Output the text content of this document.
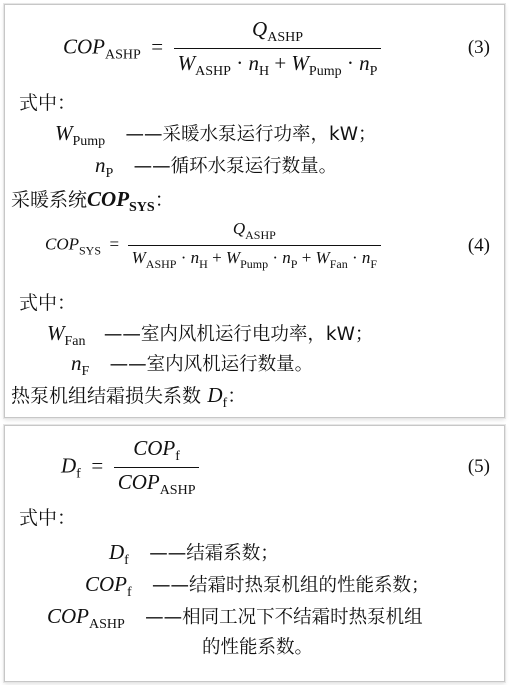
$COP_{ASHP} = \frac{Q_{ASHP}}{W_{ASHP} \cdot n_H + W_{Pump} \cdot n_P}$	(3)
式中：
$W_{Pump}$ ——采暖水泵运行功率，kW；
$n_P$ ——循环水泵运行数量。
采暖系统$COP_{SYS}$：
$COP_{SYS} = \frac{Q_{ASHP}}{W_{ASHP} \cdot n_H + W_{Pump} \cdot n_P + W_{Fan} \cdot n_F}$	(4)
式中：
$W_{Fan}$ ——室内风机运行电功率，kW；
$n_F$ ——室内风机运行数量。
热泵机组结霜损失系数 $D_f$：
$D_f = \frac{COP_f}{COP_{ASHP}}$	(5)
式中：
$D_f$ ——结霜系数；
$COP_f$ ——结霜时热泵机组的性能系数；
$COP_{ASHP}$ ——相同工况下不结霜时热泵机组
的性能系数。
